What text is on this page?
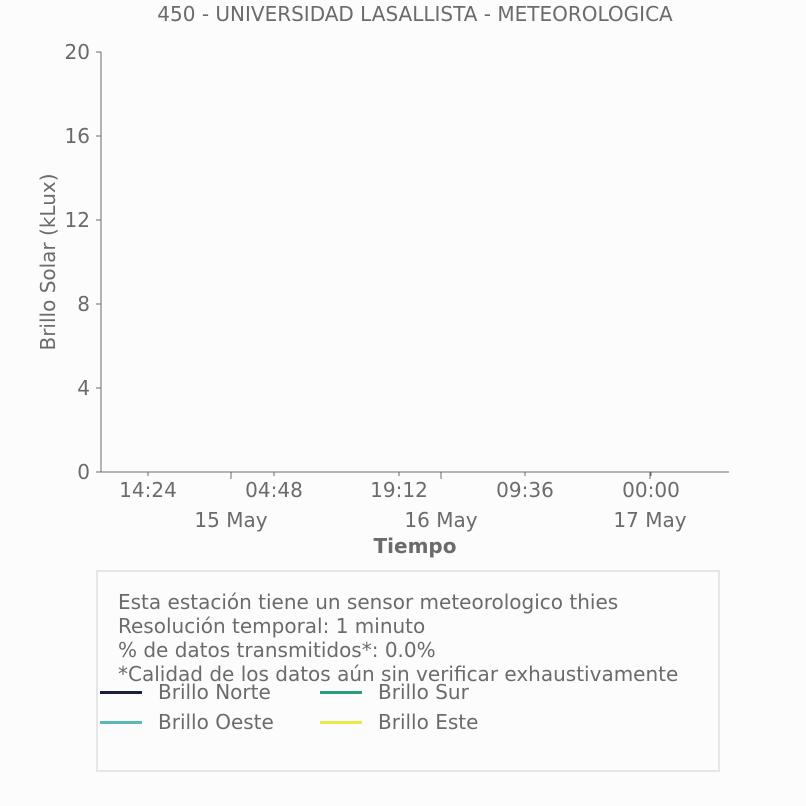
450 - UNIVERSIDAD LASALLISTA - METEOROLOGICA
0
4
8
12
16
20
14:24	04:48	19:12	09:36	00:00
15 May	16 May	17 May
Brillo Solar (kLux)
Tiempo
Esta estación tiene un sensor meteorologico thies
Resolución temporal: 1 minuto
% de datos transmitidos*: 0.0%
*Calidad de los datos aún sin verificar exhaustivamente
Brillo Norte	Brillo Sur
Brillo Oeste	Brillo Este
